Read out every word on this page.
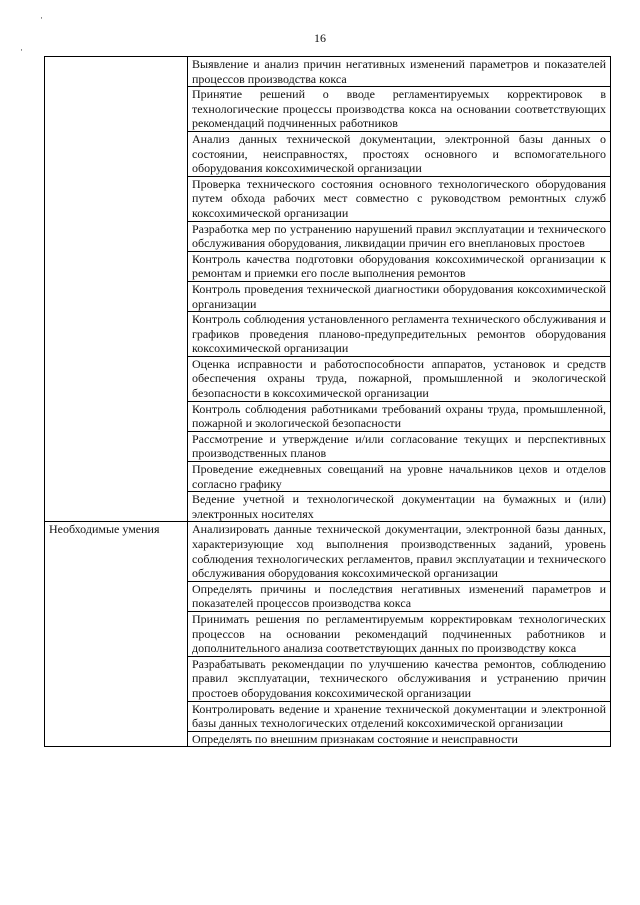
16
·
·
	Выявление и анализ причин негативных изменений параметров и показателей процессов производства кокса
	Принятие решений о вводе регламентируемых корректировок в технологические процессы производства кокса на основании соответствующих рекомендаций подчиненных работников
	Анализ данных технической документации, электронной базы данных о состоянии, неисправностях, простоях основного и вспомогательного оборудования коксохимической организации
	Проверка технического состояния основного технологического оборудования путем обхода рабочих мест совместно с руководством ремонтных служб коксохимической организации
	Разработка мер по устранению нарушений правил эксплуатации и технического обслуживания оборудования, ликвидации причин его внеплановых простоев
	Контроль качества подготовки оборудования коксохимической организации к ремонтам и приемки его после выполнения ремонтов
	Контроль проведения технической диагностики оборудования коксохимической организации
	Контроль соблюдения установленного регламента технического обслуживания и графиков проведения планово-предупредительных ремонтов оборудования коксохимической организации
	Оценка исправности и работоспособности аппаратов, установок и средств обеспечения охраны труда, пожарной, промышленной и экологической безопасности в коксохимической организации
	Контроль соблюдения работниками требований охраны труда, промышленной, пожарной и экологической безопасности
	Рассмотрение и утверждение и/или согласование текущих и перспективных производственных планов
	Проведение ежедневных совещаний на уровне начальников цехов и отделов согласно графику
	Ведение учетной и технологической документации на бумажных и (или) электронных носителях
Необходимые умения	Анализировать данные технической документации, электронной базы данных, характеризующие ход выполнения производственных заданий, уровень соблюдения технологических регламентов, правил эксплуатации и технического обслуживания оборудования коксохимической организации
	Определять причины и последствия негативных изменений параметров и показателей процессов производства кокса
	Принимать решения по регламентируемым корректировкам технологических процессов на основании рекомендаций подчиненных работников и дополнительного анализа соответствующих данных по производству кокса
	Разрабатывать рекомендации по улучшению качества ремонтов, соблюдению правил эксплуатации, технического обслуживания и устранению причин простоев оборудования коксохимической организации
	Контролировать ведение и хранение технической документации и электронной базы данных технологических отделений коксохимической организации
	Определять по внешним признакам состояние и неисправности
